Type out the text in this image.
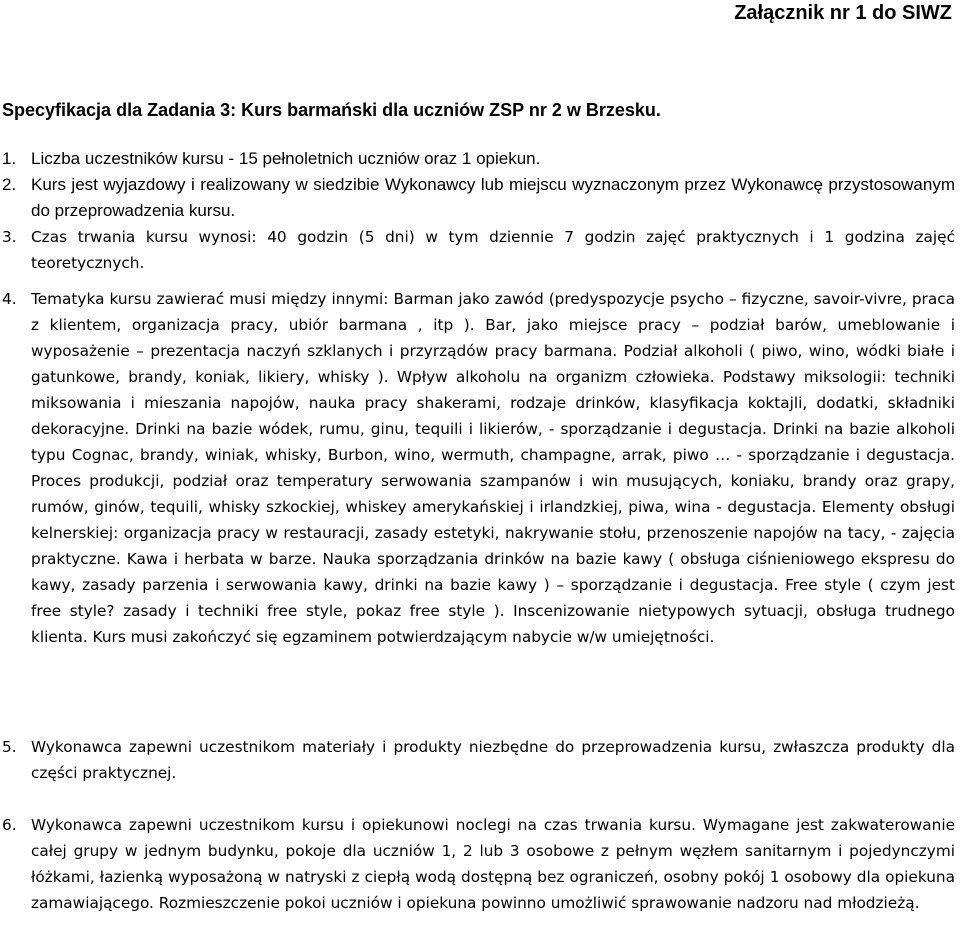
Załącznik nr 1 do SIWZ

Specyfikacja dla Zadania 3: Kurs barmański dla uczniów ZSP nr 2 w Brzesku.

1. Liczba uczestników kursu - 15 pełnoletnich uczniów oraz 1 opiekun.
2. Kurs jest wyjazdowy i realizowany w siedzibie Wykonawcy lub miejscu wyznaczonym przez Wykonawcę przystosowanym do przeprowadzenia kursu.
3. Czas trwania kursu wynosi: 40 godzin (5 dni) w tym dziennie 7 godzin zajęć praktycznych i 1 godzina zajęć teoretycznych.
4. Tematyka kursu zawierać musi między innymi: Barman jako zawód (predyspozycje psycho – fizyczne, savoir-vivre, praca z klientem, organizacja pracy, ubiór barmana , itp ). Bar, jako miejsce pracy – podział barów, umeblowanie i wyposażenie – prezentacja naczyń szklanych i przyrządów pracy barmana. Podział alkoholi ( piwo, wino, wódki białe i gatunkowe, brandy, koniak, likiery, whisky ). Wpływ alkoholu na organizm człowieka. Podstawy miksologii: techniki miksowania i mieszania napojów, nauka pracy shakerami, rodzaje drinków, klasyfikacja koktajli, dodatki, składniki dekoracyjne. Drinki na bazie wódek, rumu, ginu, tequili i likierów, - sporządzanie i degustacja. Drinki na bazie alkoholi typu Cognac, brandy, winiak, whisky, Burbon, wino, wermuth, champagne, arrak, piwo … - sporządzanie i degustacja. Proces produkcji, podział oraz temperatury serwowania szampanów i win musujących, koniaku, brandy oraz grapy, rumów, ginów, tequili, whisky szkockiej, whiskey amerykańskiej i irlandzkiej, piwa, wina - degustacja. Elementy obsługi kelnerskiej: organizacja pracy w restauracji, zasady estetyki, nakrywanie stołu, przenoszenie napojów na tacy, - zajęcia praktyczne. Kawa i herbata w barze. Nauka sporządzania drinków na bazie kawy ( obsługa ciśnieniowego ekspresu do kawy, zasady parzenia i serwowania kawy, drinki na bazie kawy ) – sporządzanie i degustacja. Free style ( czym jest free style? zasady i techniki free style, pokaz free style ). Inscenizowanie nietypowych sytuacji, obsługa trudnego klienta. Kurs musi zakończyć się egzaminem potwierdzającym nabycie w/w umiejętności.
5. Wykonawca zapewni uczestnikom materiały i produkty niezbędne do przeprowadzenia kursu, zwłaszcza produkty dla części praktycznej.
6. Wykonawca zapewni uczestnikom kursu i opiekunowi noclegi na czas trwania kursu. Wymagane jest zakwaterowanie całej grupy w jednym budynku, pokoje dla uczniów 1, 2 lub 3 osobowe z pełnym węzłem sanitarnym i pojedynczymi łóżkami, łazienką wyposażoną w natryski z ciepłą wodą dostępną bez ograniczeń, osobny pokój 1 osobowy dla opiekuna zamawiającego. Rozmieszczenie pokoi uczniów i opiekuna powinno umożliwić sprawowanie nadzoru nad młodzieżą.
